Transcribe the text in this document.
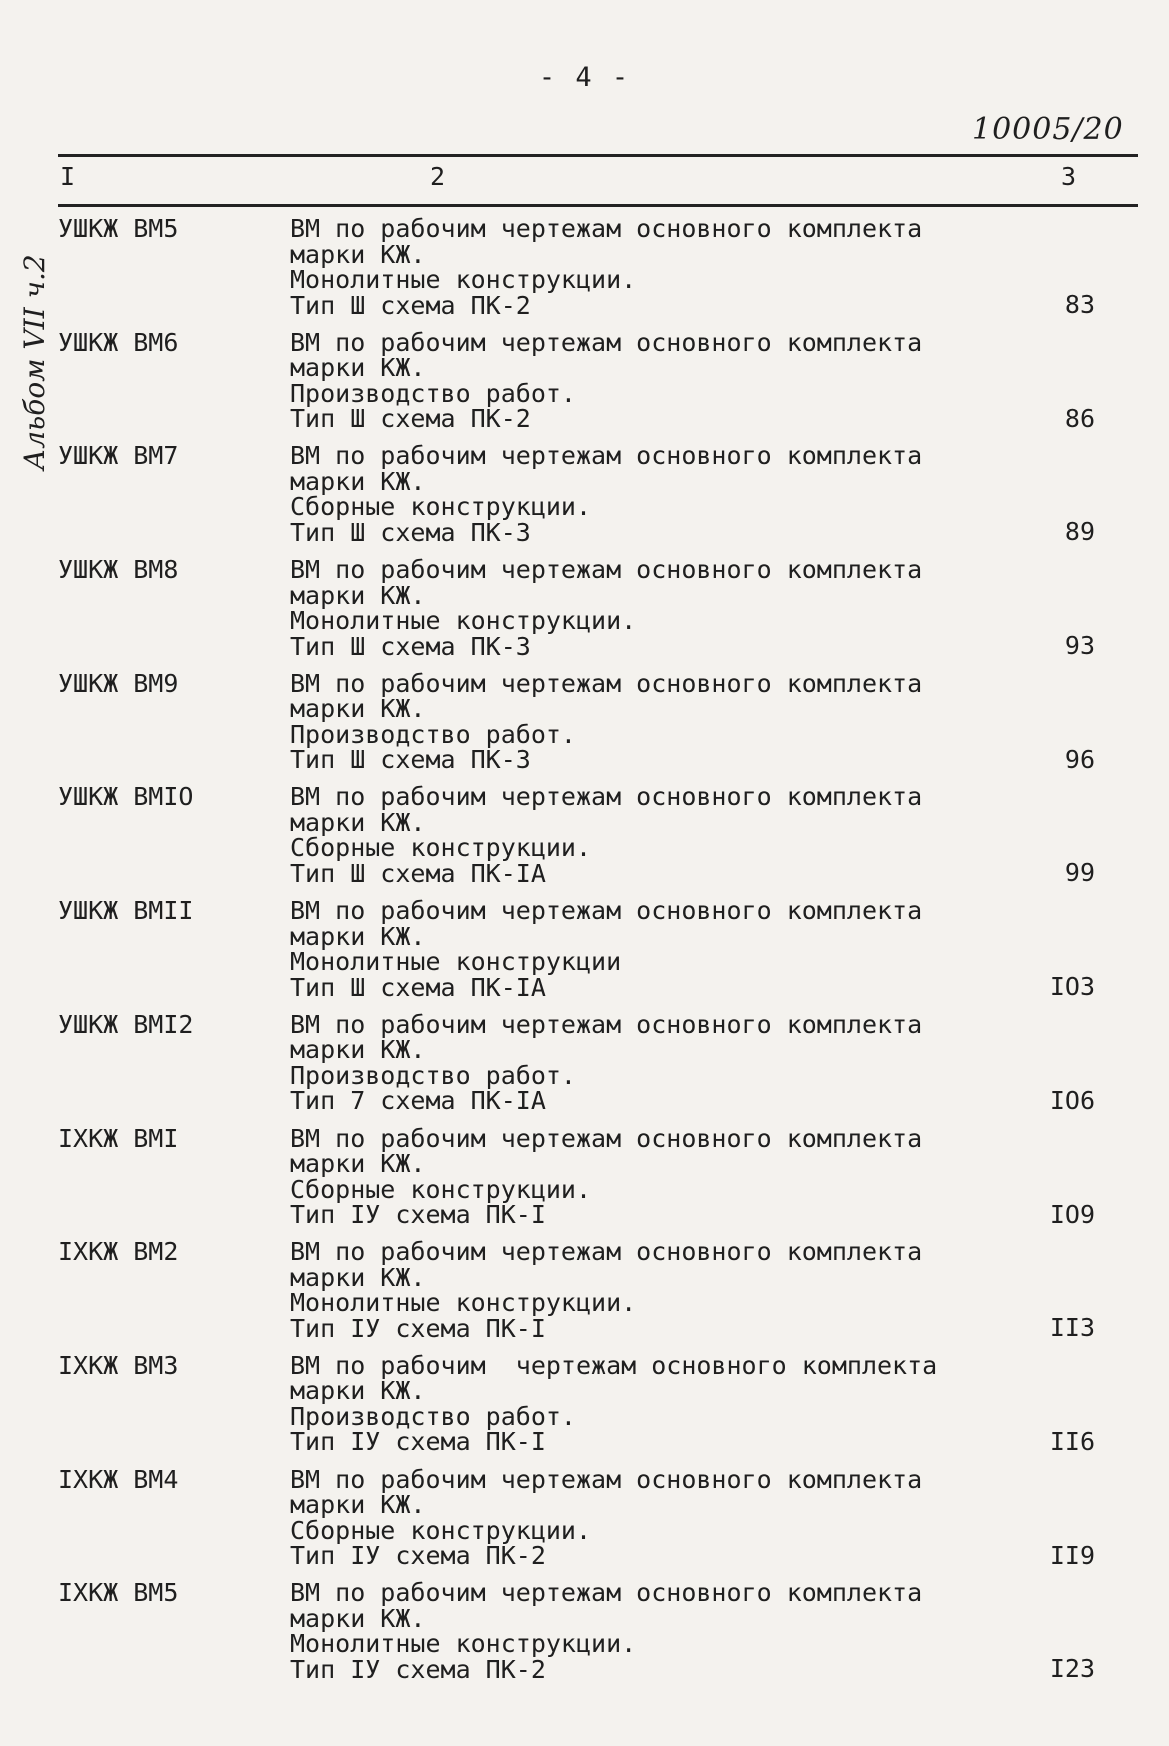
- 4 -
10005/20
Альбом VII ч.2
I	2	3
УШКЖ ВМ5	ВМ по рабочим чертежам основного комплекта
марки КЖ.
Монолитные конструкции.
Тип Ш схема ПК-2	83
УШКЖ ВМ6	ВМ по рабочим чертежам основного комплекта
марки КЖ.
Производство работ.
Тип Ш схема ПК-2	86
УШКЖ ВМ7	ВМ по рабочим чертежам основного комплекта
марки КЖ.
Сборные конструкции.
Тип Ш схема ПК-3	89
УШКЖ ВМ8	ВМ по рабочим чертежам основного комплекта
марки КЖ.
Монолитные конструкции.
Тип Ш схема ПК-3	93
УШКЖ ВМ9	ВМ по рабочим чертежам основного комплекта
марки КЖ.
Производство работ.
Тип Ш схема ПК-3	96
УШКЖ ВМIO	ВМ по рабочим чертежам основного комплекта
марки КЖ.
Сборные конструкции.
Тип Ш схема ПК-IA	99
УШКЖ ВМII	ВМ по рабочим чертежам основного комплекта
марки КЖ.
Монолитные конструкции
Тип Ш схема ПК-IA	IO3
УШКЖ ВМI2	ВМ по рабочим чертежам основного комплекта
марки КЖ.
Производство работ.
Тип 7 схема ПК-IA	IO6
IXKЖ ВМI	ВМ по рабочим чертежам основного комплекта
марки КЖ.
Сборные конструкции.
Тип IУ схема ПК-I	IO9
IXKЖ ВМ2	ВМ по рабочим чертежам основного комплекта
марки КЖ.
Монолитные конструкции.
Тип IУ схема ПК-I	II3
IXKЖ ВМ3	ВМ по рабочим  чертежам основного комплекта
марки КЖ.
Производство работ.
Тип IУ схема ПК-I	II6
IXKЖ ВМ4	ВМ по рабочим чертежам основного комплекта
марки КЖ.
Сборные конструкции.
Тип IУ схема ПК-2	II9
IXKЖ ВМ5	ВМ по рабочим чертежам основного комплекта
марки КЖ.
Монолитные конструкции.
Тип IУ схема ПК-2	I23
